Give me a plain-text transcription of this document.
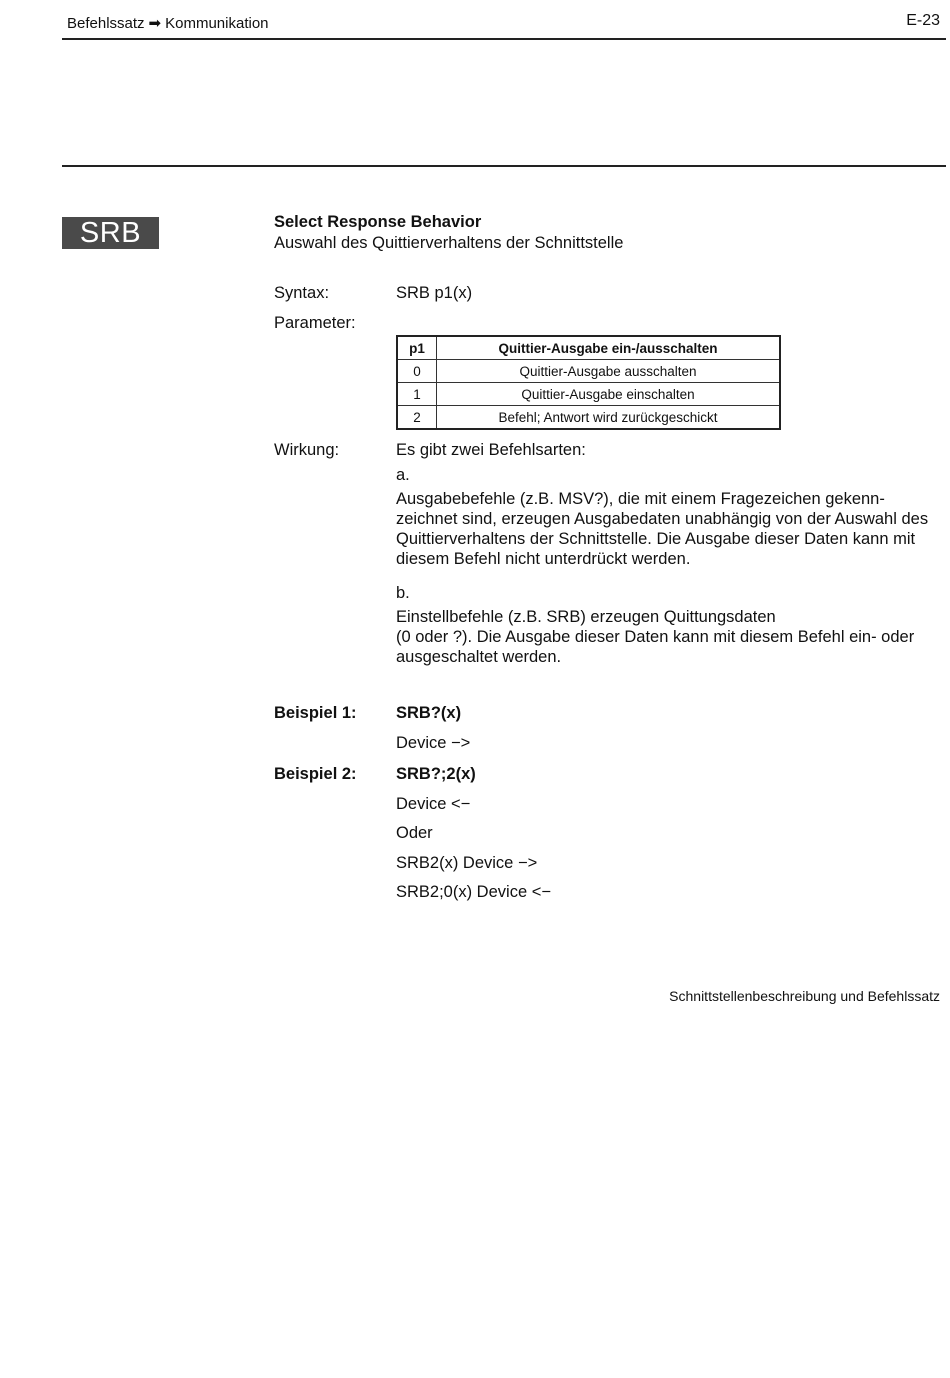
Befehlssatz ➡ Kommunikation	E-23
SRB	Select Response Behavior
Auswahl des Quittierverhaltens der Schnittstelle
Syntax:	SRB p1(x)
Parameter:
p1	Quittier-Ausgabe ein-/ausschalten
0	Quittier-Ausgabe ausschalten
1	Quittier-Ausgabe einschalten
2	Befehl; Antwort wird zurückgeschickt
Wirkung:	Es gibt zwei Befehlsarten:
a.
Ausgabebefehle (z.B. MSV?), die mit einem Fragezeichen gekenn- zeichnet sind, erzeugen Ausgabedaten unabhängig von der Auswahl des Quittierverhaltens der Schnittstelle. Die Ausgabe dieser Daten kann mit diesem Befehl nicht unterdrückt werden.
b.
Einstellbefehle (z.B. SRB) erzeugen Quittungsdaten
(0 oder ?). Die Ausgabe dieser Daten kann mit diesem Befehl ein- oder ausgeschaltet werden.
Beispiel 1: SRB?(x)
Device −>
Beispiel 2: SRB?;2(x)
Device <−
Oder
SRB2(x) Device −>
SRB2;0(x) Device <−
Schnittstellenbeschreibung und Befehlssatz
